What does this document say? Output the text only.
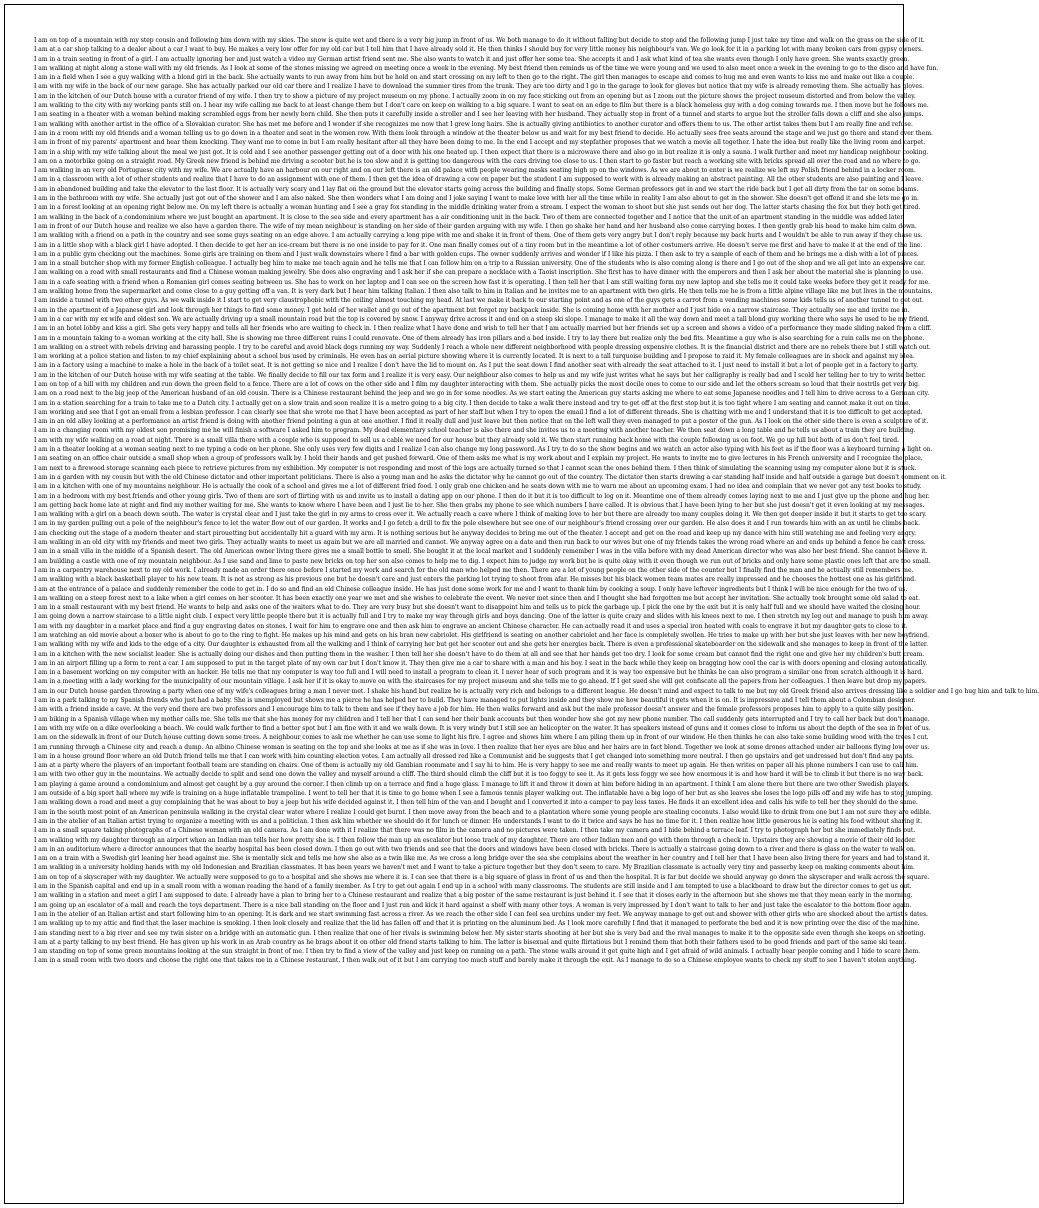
I am on top of a mountain with my step cousin and following him down with my skies. The snow is quite wet and there is a very big jump in front of us. We both manage to do it without falling but decide to stop and the following jump I just take my time and walk on the grass on the side of it.

I am at a car shop talking to a dealer about a car I want to buy. He makes a very low offer for my old car but I tell him that I have already sold it. He then thinks I should buy for very little money his neighbour's van. We go look for it in a parking lot with many broken cars from gypsy owners.

I am in a train seating in front of a girl. I am actually ignoring her and just watch a video my German artist friend sent me. She also wants to watch it and just offer her some tea. She accepts it and I ask what kind of tea she wants even though I only have green. She wants exactly green.

I am walking at night along a stone wall with my old friends. As I look at some of the stones missing we agreed on meeting once a week in the evening. My best friend then reminds us of the time we were young and we used to also meet once a week in the evening to go to the disco and have fun.

I am in a field when I see a guy walking with a blond girl in the back. She actually wants to run away from him but he hold on and start crossing on my left to then go to the right. The girl then manages to escape and comes to hug me and even wants to kiss me and make out like a couple.

I am with my wife in the back of our new garage. She has actually parked our old car there and I realize I have to download the summer tires from the trunk. They are too dirty and I go in the garage to look for gloves but notice that my wife is already removing them. She actually has gloves.

I am in the kitchen of our Dutch house with a curator friend of my wife. I then try to show a picture of my project museum on my phone. I actually zoom in on my face sticking out from an opening but as I zoom out the picture shows the project museum distorted and from below the valley.

I am walking to the city with my working pants still on. I hear my wife calling me back to at least change them but I don't care on keep on walking to a big square. I want to seat on an edge to film but there is a black homeless guy with a dog coming towards me. I then move but he follows me.

I am seating in a theater with a woman behind making scrambled eggs from her newly born child. She then puts it carefully inside a stroller and I see her leaving with her husband. They actually stop in front of a tunnel and starts to argue but the stroller falls down a cliff and she also jumps.

I am walking with another artist in the office of a Slovakian curator. She has met me before and I wonder if she recognizes me now that I grew long hairs. She is actually giving antibiotics to another curator and offers them to us. The other artist takes them but I am really fine and refuse.

I am in a room with my old friends and a woman telling us to go down in a theater and seat in the women row. With them look through a window at the theater below us and wait for my best friend to decide. He actually sees free seats around the stage and we just go there and stand over them.

I am in front of my parents' apartment and hear them knocking. They want me to come in but I am really hesitant after all they have been doing to me. In the end I accept and my stepfather proposes that we watch a movie all together. I hate the idea but really like the living room and carpet.

I am in a ship with my wife talking about the meal we just got. It is cold and I see another passenger getting out of a door with his one heated up. I then expect that there is a microwave there and also go in but realize it is only a sauna. I walk further and meet my handicap neighbour cooking.

I am on a motorbike going on a straight road. My Greek new friend is behind me driving a scooter but he is too slow and it is getting too dangerous with the cars driving too close to us. I then start to go faster but reach a working site with bricks spread all over the road and no where to go.

I am walking in an very old Portuguese city with my wife. We are actually have an harbour on our right and on our left there is an old palace with people wearing masks seating high up on the windows. As we are about to enter is we realize we left my Polish friend behind in a locker room.

I am in a classroom with a lot of other students and realize that I have to do an assignment with one of them. I then get the idea of drawing a cow on paper but the student I am supposed to work with is already making an abstract painting. All the other students are also painting and I leave.

I am in abandoned building and take the elevator to the last floor. It is actually very scary and I lay flat on the ground but the elevator starts going across the building and finally stops. Some German professors get in and we start the ride back but I get all dirty from the tar on some beams.

I am in the bathroom with my wife. She actually just got out of the shower and I am also naked. She then wonders what I am doing and I joke saying I want to make love with her all the time while in reality I am also about to get in the shower. She doesn't get offend it and she lets me go in.

I am in a forest looking at an opening right below me. On my left there is actually a woman hunting and I see a gray fox standing in the middle drinking water from a stream. I expect the woman to shoot but she just sends out her dog. The latter starts chasing the fox but they both get tired.

I am walking in the back of a condominium where we just bought an apartment. It is close to the sea side and every apartment has a air conditioning unit in the back. Two of them are connected together and I notice that the unit of an apartment standing in the middle was added later.

I am in front of our Dutch house and realize we also have a garden there. The wife of my mean neighbour is standing on her side of their garden arguing with my wife. I then go shake her hand and her husband also come carrying boxes. I then gently grab his head to make him calm down.

I am walking with a friend on a path in the country and see some guys seating on an edge above. I am actually carrying a long pipe with me and shake it in front of them. One of them gets very angry but I don't reply because my back hurts and I wouldn't be able to run away if they chase us.

I am in a little shop with a black girl I have adopted. I then decide to get her an ice-cream but there is no one inside to pay for it. One man finally comes out of a tiny room but in the meantime a lot of other costumers arrive. He doesn't serve me first and have to make it at the end of the line.

I am in a public gym checking out the machines. Some girls are training on them and I just walk downstairs where I find a bar with golden cups. The owner suddenly arrives and wonder if I like his pizza. I then ask to try a sample of each of them and he brings me a dish with a lot of pieces.

I am in a small butcher shop with my former English colleague. I actually beg him to make me teach again and he tells me that I can follow him on a trip to a Russian university. One of the students who is also coming along is there and I go out of the shop and we all get into an expensive car.

I am walking on a road with small restaurants and find a Chinese woman making jewelry. She does also engraving and I ask her if she can prepare a necklace with a Taoist inscription. She first has to have dinner with the emperors and then I ask her about the material she is planning to use.

I am in a cafe seating with a friend when a Romanian girl comes seating between us. She has to work on her laptop and I can see on the screen how fast it is operating. I then tell her that I am still waiting form my new laptop and she tells me it could take weeks before they get it ready for me.

I am walking home from the supermarket and come close to a guy getting off a van. It is very dark but I hear him talking Italian. I then also talk to him in Italian and he invites me to an apartment with two girls. He then tells me he is from a little alpine village like me but lives in the mountains.

I am inside a tunnel with two other guys. As we walk inside it I start to get very claustrophobic with the ceiling almost touching my head. At last we make it back to our starting point and as one of the guys gets a carrot from a vending machines some kids tells us of another tunnel to get out.

I am in the apartment of a Japanese girl and look through her things to find some money. I get hold of her wallet and go out of the apartment but forget my backpack inside. She is coming home with her mother and I just hide on a narrow staircase. They actually see me and invite me in.

I am in a car with my ex wife and oldest son. We are actually driving up a small mountain road but the top is covered by snow. I anyway drive across it and end on a steep ski slope. I manage to make it all the way down and meet a tall blond guy working there who says he used to be my friend.

I am in an hotel lobby and kiss a girl. She gets very happy and tells all her friends who are waiting to check in. I then realize what I have done and wish to tell her that I am actually married but her friends set up a screen and shows a video of a performance they made sliding naked from a cliff.

I am in a mountain taking to a woman working at the city hall. She is showing me three different ruins I could renovate. One of them already has iron pillars and a bed inside. I try to lay there but realize only the bed fits. Meantime a guy who is also searching for a ruin calls me on the phone.

I am walking on a street with rebels driving and harassing people. I try to be careful and avoid black dogs running my way. Suddenly I reach a whole new different neighborhood with people dressing expensive clothes. It is the financial district and there are no rebels there but I still watch out.

I am working at a police station and listen to my chief explaining about a school bus used by criminals. He even has an aerial picture showing where it is currently located. It is next to a tall turquoise building and I propose to raid it. My female colleagues are in shock and against my idea.

I am in a factory using a machine to make a hole in the back of a toilet seat. It is not getting so nice and I realize I don't have the lid to mount on. As I put the seat down I find another seat with already the seat attached to it. I just need to install it but a lot of people get in a factory to party.

I am in the kitchen of our Dutch house with my wife seating at the table. We finally decide to fill our tax form and I realize it is very easy. Our neighbour also comes to help us and my wife just writes what he says but her calligraphy is really bad and I scold her telling her to try to write better.

I am on top of a hill with my children and run down the green field to a fence. There are a lot of cows on the other side and I film my daughter interacting with them. She actually picks the most docile ones to come to our side and let the others scream so loud that their nostrils get very big.

I am on a road next to the big jeep of the American husband of an old cousin. There is a Chinese restaurant behind the jeep and we go in for some noodles. As we start eating the American guy starts asking me where to eat some Japanese noodles and I tell him to drive across to a German city.

I am in a station searching for a train to take me to a Dutch city. I actually get on a slow train and soon realize it is a metro going to a big city. I then decide to take a walk there instead and try to get off at the first stop but it is too tight where I am seating and cannot make it out on time.

I am working and see that I got an email from a lesbian professor. I can clearly see that she wrote me that I have been accepted as part of her staff but when I try to open the email I find a lot of different threads. She is chatting with me and I understand that it is too difficult to get accepted.

I am in an old alley looking at a performance an artist friend is doing with another friend pointing a gun at one another. I find it really dull and just leave but then notice that on the left wall they even managed to put a poster of the gun. As I look on the other side there is even a sculpture of it.

I am in a changing room with my oldest son promising me he will finish a software I asked him to program. My dead elementary school teacher is also there and she invites us to a meeting with another teacher. We then seat down a long table and he tells us about a train they are building.

I am with my wife walking on a road at night. There is a small villa there with a couple who is supposed to sell us a cable we need for our house but they already sold it. We then start running back home with the couple following us on foot. We go up hill but both of us don't feel tired.

I am in a theater looking at a woman seating next to me typing a code on her phone. She only uses very few digits and I realize I can also change my long password. As I try to do so the show begins and we watch an actor also typing with his feet as if the floor was a keyboard turning a light on.

I am seating on an office chair outside a small shop when a group of professors walk by. I hold their hands and get pushed forward. One of them asks me what is my work about and I explain my project. He wants to invite me to give lectures in his French university and I recognize the place.

I am next to a firewood storage scanning each piece to retrieve pictures from my exhibition. My computer is not responding and most of the logs are actually turned so that I cannot scan the ones behind them. I then think of simulating the scanning using my computer alone but it is stuck.

I am in a garden with my cousin but with the old Chinese dictator and other important politicians. There is also a young man and he asks the dictator why he cannot go out of the country. The dictator then starts drawing a car standing half inside and half outside a garage but doesn't comment on it.

I am in a kitchen with one of my mountains neighbour. He is actually the cook of a school and gives me a lot of different fried food. I only grab one chicken and he seats down with me to warn me about an upcoming exam. I had no idea and complain that we never got any test books to study.

I am in a bedroom with my best friends and other young girls. Two of them are sort of flirting with us and invite us to install a dating app on our phone. I then do it but it is too difficult to log on it. Meantime one of them already comes laying next to me and I just give up the phone and hug her.

I am getting back home late at night and find my mother waiting for me. She wants to know where I have been and I just lie to her. She then grabs my phone to see which numbers I have called. It is obvious that I have been lying to her but she just doesn't get it even looking at my messages.

I am walking with a girl on a beach down south. The water is crystal clear and I just take the girl in my arms to cross over it. We actually reach a cave where I think of making love to her but there are already too many couples doing it. We then get deeper inside it but it starts to get too scary.

I am in my garden pulling out a pole of the neighbour's fence to let the water flow out of our garden. It works and I go fetch a drill to fix the pole elsewhere but see one of our neighbour's friend crossing over our garden. He also does it and I run towards him with an ax until he climbs back.

I am checking out the stage of a modern theater and start pirouetting but accidentally hit a guard with my arm. It is nothing serious but he anyway decides to bring me out of the theater. I accept and get on the road and keep up my dance with him still watching me and feeling very angry.

I am walking in an old city with my friends and meet two girls. They actually wants to meet us again but we are all married and cannot. We anyway agree on a date and then run back to our wives but one of my friends takes the wrong road where an and ends up behind a fence he can't cross.

I am in a small villa in the middle of a Spanish desert. The old American owner living there gives me a small bottle to smell. She bought it at the local market and I suddenly remember I was in the villa before with my dead American director who was also her best friend. She cannot believe it.

I am building a castle with one of my mountain neighbour. As I use sand and lime to paste new bricks on top her son also comes to help me to dig. I expect him to judge my work but he is quite okay with it even though we run out of bricks and only have some plastic ones left that are too small.

I am in a carpentry warehouse next to my old work. I already made an order there once before I started my work and search for the old man who helped me then. There are a lot of young people on the other side of the counter but I finally find the man and he actually still remembers me.

I am walking with a black basketball player to his new team. It is not as strong as his previous one but he doesn't care and just enters the parking lot trying to shoot from afar. He misses but his black women team mates are really impressed and he chooses the hottest one as his girlfriend.

I am at the entrance of a palace and suddenly remember the code to get in. I do so and find an old Chinese colleague inside. He has just done some work for me and I want to thank him by cooking a soup. I only have leftover ingredients but I think I will be nice enough for the two of us.

I am walking on a steep forest next to a lake when a girl comes on her scooter. It has been exactly one year we met and she wishes to celebrate the event. We never met since then and I thought she had forgotten me but accept her invitation. She actually took brought some old salad to eat.

I am in a small restaurant with my best friend. He wants to help and asks one of the waiters what to do. They are very busy but she doesn't want to disappoint him and tells us to pick the garbage up. I pick the one by the exit but it is only half full and we should have waited the closing hour.

I am going down a narrow staircase to a little night club. I expect very little people there but it is actually full and I try to make my way through girls and boys dancing. One of the latter is quite crazy and slides with his knees next to me. I then stretch my leg out and manage to push him away.

I am with my daughter in a market place and find a guy engraving dates on stones. I wait for him to engrave one and then ask him to engrave an ancient Chinese character. He can actually read it and uses a special iron heated with coals to engrave it but my daughter gets to close to it.

I am watching an old movie about a boxer who is about to go to the ring to fight. He makes up his mind and gets on his bran new cabriolet. His girlfriend is seating on another cabriolet and her face is completely swollen. He tries to make up with her but she just leaves with her new boyfriend.

I am walking with my wife and kids to the edge of a city. Our daughter is exhausted from all the walking and I think of carrying her but get her scooter out and she gets her energies back. There is even a professional skateboarder on the sidewalk and she manages to keep in front of the latter.

I am in a kitchen with the new socialist leader. She is actually doing our dishes and then putting them in the washer. I then tell her she doesn't have to do them at all and see that her hands get too dry. I look for some cream but cannot find the right one and give her my children's butt cream.

I am in an airport filling up a form to rent a car. I am supposed to put in the target plate of my own car but I don't know it. They then give me a car to share with a man and his boy. I seat in the back while they keep on bragging how cool the car is with doors opening and closing automatically.

I am in a basement working on my computer with an hacker. He tells me that my computer is way too full and I will need to install a program to clean it. I never hear of such program and it is way too expensive but he thinks he can also program a similar one from scratch although it is hard.

I am in a meeting with a lady working for the municipality of our mountain village. I ask her if it is okay to move on with the staircases for my project museum and she tells me to go ahead. If I get sued she will get confiscate all the papers from her colleagues. I then leave but drop my papers.

I am in our Dutch house garden throwing a party when one of my wife's colleagues bring a man I never met. I shake his hand but realize he is actually very rich and belongs to a different league. He doesn't mind and expect to talk to me but my old Greek friend also arrives dressing like a soldier and I go hug him and talk to him.

I am in a park talking to my Spanish friends who just had a baby. She is unemployed but shows me a pierce he has helped her to build. They have managed to put lights inside and they show me how beautiful it gets when it is on. It is impressive and I tell them about a Colombian designer.

I am with a friend inside a cave. At the very end there are two professors and I encourage him to talk to them and see if they have a job for him. He then walks forward and ask but the male professor doesn't answer and the female professors proposes him to apply to a quite silly position.

I am biking in a Spanish village when my mother calls me. She tells me that she has money for my children and I tell her that I can send her their bank accounts but then wonder how she got my new phone number. The call suddenly gets interrupted and I try to call her back but don't manage.

I am with my wife on a dike overlooking a beach. We could walk further to find a better spot but I am fine with it and we walk down. It is very windy but I still see an helicopter on the water. It has speakers instead of guns and it comes close to inform us about the depth of the sea in front of us.

I am on the sidewalk in front of our Dutch house cutting down some trees. A neighbour comes to ask me whether he can use some to light his fire. I agree and shows him where I am piling them up in front of our window. He then thinks he can also take some building wood with the trees I cut.

I am running through a Chinese city and reach a dump. An albino Chinese woman is seating on the top and she looks at me as if she was in love. I then realize that her eyes are blue and her hairs are in fact blond. Together we look at some drones attached under air balloons flying low over us.

I am in a house ground floor where an old Dutch friend tells me that I can work with him counting election votes. I am actually all dressed red like a Communist and he suggests that I get changed into something more neutral. I then go upstairs and get undressed but don't find any pants.

I am at a party where the players of an important football team are standing on chairs. One of them is actually my old Gambian roommate and I say hi to him. He is very happy to see me and really wants to meet up again. He then writes on paper all his phone numbers I can use to call him.

I am with two other guy in the mountains. We actually decide to split and send one down the valley and myself around a cliff. The third should climb the cliff but it is too foggy to see it. As it gets less foggy we see how enormous it is and how hard it will be to climb it but there is no way back.

I am playing a game around a condominium and almost get caught by a guy around the corner. I then climb up on a terrace and find a huge glass. I manage to lift it and throw it down at him before hiding in an apartment. I think I am alone there but there are two other Swedish players.

I am outside of a big sport hall where my wife is training on a huge inflatable trampoline. I went to tell her that it is time to go home when I see a famous tennis player walking out. The inflatable have a big logo of her but as she leaves she loses the logo pills off and my wife has to stop jumping.

I am walking down a road and meet a guy complaining that he was about to buy a jeep but his wife decided against it. I then tell him of the van and I bought and I converted it into a camper to pay less taxes. He finds it an excellent idea and calls his wife to tell her they should do the same.

I am in the south most point of an American peninsula walking in the crystal clear water where I realize I could get burnt. I then move away from the beach and to a plantation where some young people are stealing coconuts. I also would like to drink from one but I am not sure they are edible.

I am in the atelier of an Italian artist trying to organize a meeting with us and a politician. I then ask him whether we should do it for lunch or dinner. He understands I want to do it twice and says he has no time for it. I then realize how little generous he is eating his food without sharing it.

I am in a small square taking photographs of a Chinese woman with an old camera. As I am done with it I realize that there was no film in the camera and no pictures were taken. I then take my camera and I hide behind a terrace leaf. I try to photograph her but she immediately finds out.

I am walking with my daughter through an airport when an Indian man tells her how pretty she is. I then follow the man up an escalator but loose track of my daughter. There are other Indian men and go with them through a check in. Upstairs they are showing a movie of their old leader.

I am in an auditorium where a director announces that the nearby hospital has been closed down. I then go out with two friends and see that the doors and windows have been closed with bricks. There is actually a staircase going down to a river and there is glass on the water to walk on.

I am on a train with a Swedish girl leaning her head against me. She is mentally sick and tells me how she also as a twin like me. As we cross a long bridge over the sea she complains about the weather in her country and I tell her that I have been also living there for years and had to stand it.

I am walking in a university holding hands with my old Indonesian and Brazilian classmates. It has been years we haven't met and I want to take a picture together but they don't seem to care. My Brazilian classmate is actually very tiny and passerby keep on making comments about him.

I am on top of a skyscraper with my daughter. We actually were supposed to go to a hospital and she shows me where it is. I can see that there is a big square of glass in front of us and then the hospital. It is far but decide we should anyway go down the skyscraper and walk across the square.

I am in the Spanish capital and end up in a small room with a woman reading the hand of a family member. As I try to get out again I end up in a school with many classrooms. The students are still inside and I am tempted to use a blackboard to draw but the director comes to get us out.

I am walking in a station and meet a girl I am supposed to date. I already have a plan to bring her to a Chinese restaurant and realize that a big poster of the same restaurant is just behind it. I see that it closes early in the afternoon but she shows me that they mean early in the morning.

I am going up an escalator of a mall and reach the toys department. There is a nice ball standing on the floor and I just run and kick it hard against a shelf with many other toys. A woman is very impressed by I don't want to talk to her and just take the escalator to the bottom floor again.

I am in the atelier of an Italian artist and start following him to an opening. It is dark and we start swimming fast across a river. As we reach the other side I can feel sea urchins under my feet. We anyway manage to get out and shower with other girls who are shocked about the artist's dates.

I am walking up to my attic and find that the laser machine is smoking. I then look closely and realize that the lid has fallen off and that it is printing on the aluminum bed. As I look more carefully I find that it managed to perforate the bed and it is now printing over the disc of the machine.

I am standing next to a big river and see my twin sister on a bridge with an automatic gun. I then realize that one of her rivals is swimming below her. My sister starts shooting at her but she is very bad and the rival manages to make it to the opposite side even though she keeps on shooting.

I am at a party talking to my best friend. He has given up his work in an Arab country as he brags about it on other old friend starts talking to him. The latter is bisexual and quite flirtatious but I remind them that both their fathers used to be good friends and part of the same ski team.

I am standing on top of some green mountains looking at the sun straight in front of me. I then try to find a view of the valley and just keep on running on a path. The stone walls around it get quite high and I get afraid of wild animals. I actually hear people coming and I hide to scare them.

I am in a small room with two doors and choose the right one that takes me in a Chinese restaurant. I then walk out of it but I am carrying too much stuff and barely make it through the exit. As I manage to do so a Chinese employee wants to check my stuff to see I haven't stolen anything.
